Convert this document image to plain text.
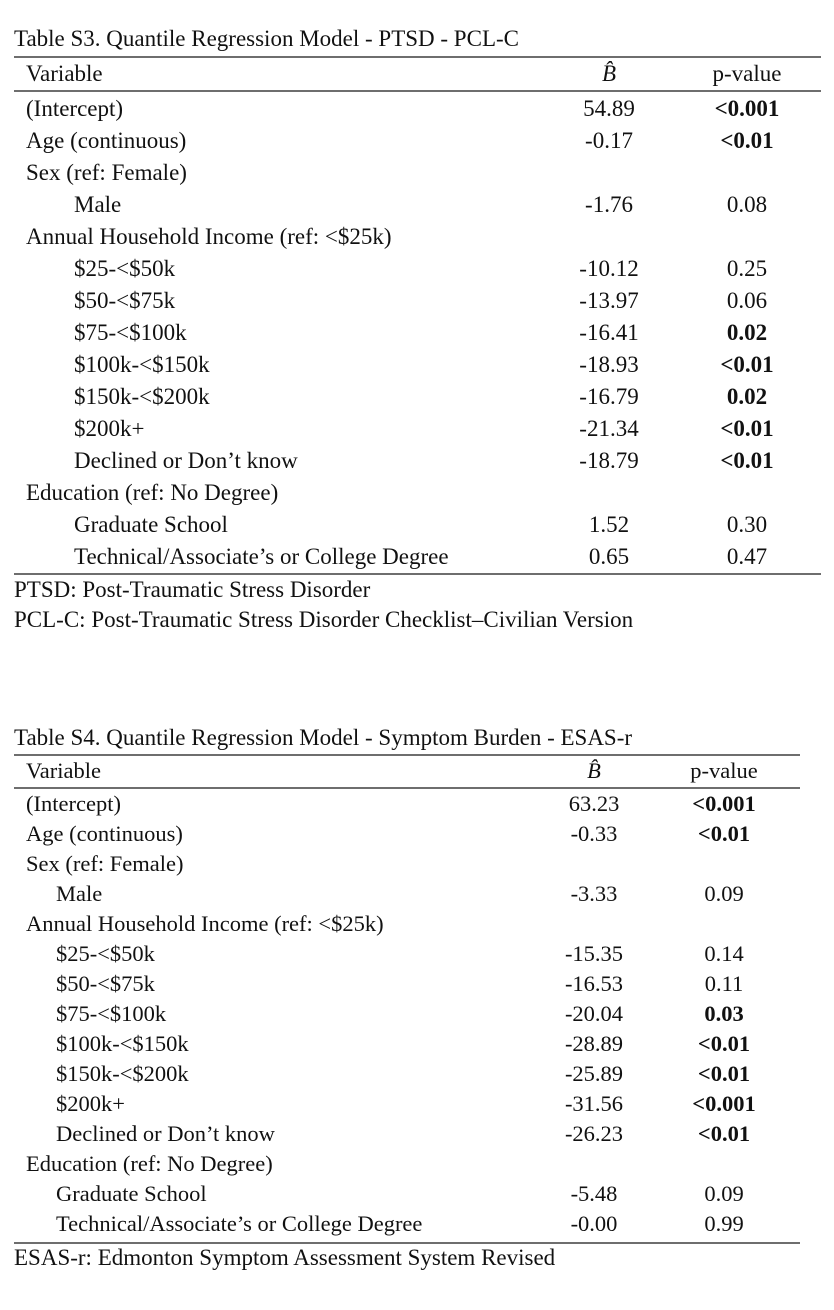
Table S3. Quantile Regression Model - PTSD - PCL-C
Variable	B̂	p-value
(Intercept)	54.89	<0.001
Age (continuous)	-0.17	<0.01
Sex (ref: Female)
Male	-1.76	0.08
Annual Household Income (ref: <$25k)
$25-<$50k	-10.12	0.25
$50-<$75k	-13.97	0.06
$75-<$100k	-16.41	0.02
$100k-<$150k	-18.93	<0.01
$150k-<$200k	-16.79	0.02
$200k+	-21.34	<0.01
Declined or Don’t know	-18.79	<0.01
Education (ref: No Degree)
Graduate School	1.52	0.30
Technical/Associate’s or College Degree	0.65	0.47
PTSD: Post-Traumatic Stress Disorder
PCL-C: Post-Traumatic Stress Disorder Checklist–Civilian Version
Table S4. Quantile Regression Model - Symptom Burden - ESAS-r
Variable	B̂	p-value
(Intercept)	63.23	<0.001
Age (continuous)	-0.33	<0.01
Sex (ref: Female)
Male	-3.33	0.09
Annual Household Income (ref: <$25k)
$25-<$50k	-15.35	0.14
$50-<$75k	-16.53	0.11
$75-<$100k	-20.04	0.03
$100k-<$150k	-28.89	<0.01
$150k-<$200k	-25.89	<0.01
$200k+	-31.56	<0.001
Declined or Don’t know	-26.23	<0.01
Education (ref: No Degree)
Graduate School	-5.48	0.09
Technical/Associate’s or College Degree	-0.00	0.99
ESAS-r: Edmonton Symptom Assessment System Revised
